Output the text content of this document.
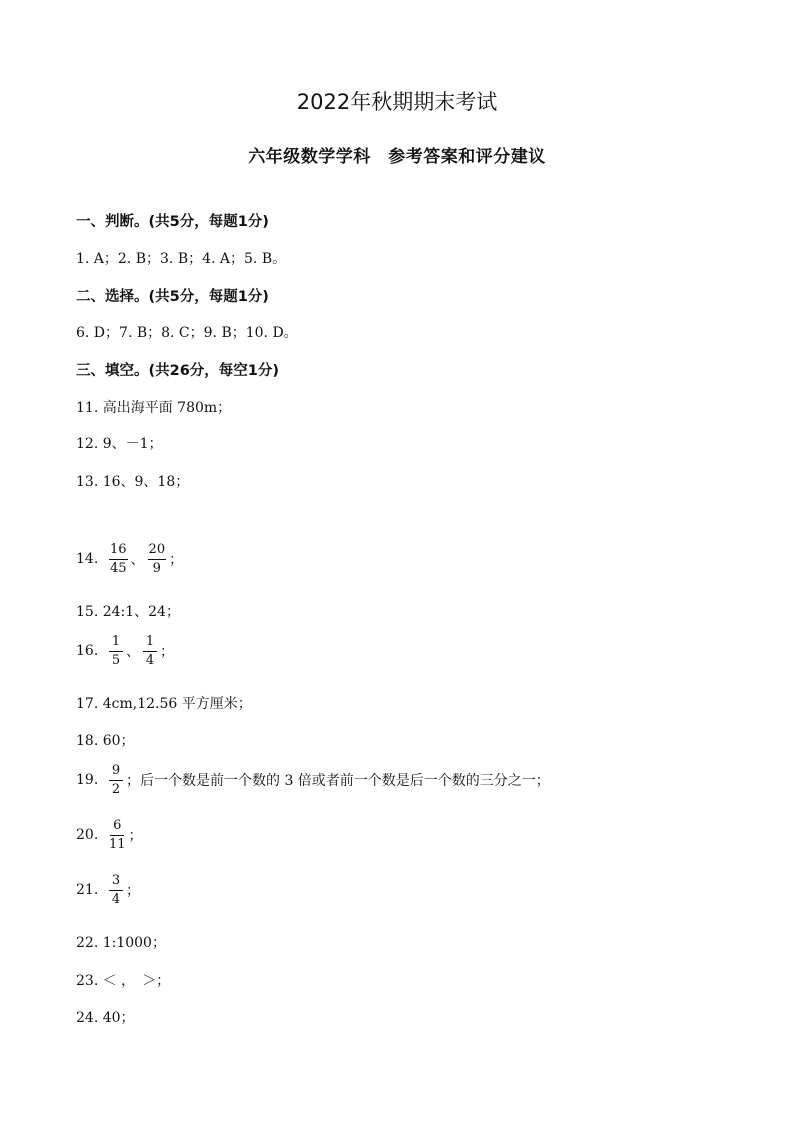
2022年秋期期末考试
六年级数学学科　参考答案和评分建议
一、判断。(共5分，每题1分)
1. A；2. B；3. B；4. A；5. B。
二、选择。(共5分，每题1分)
6. D；7. B；8. C；9. B；10. D。
三、填空。(共26分，每空1分)
11. 高出海平面 780m；
12. 9、－1；
13. 16、9、18；
14. $\frac{16}{45}$ 、 $\frac{20}{9}$ ；
15. 24:1、24；
16. $\frac{1}{5}$ 、 $\frac{1}{4}$ ；
17. 4cm,12.56 平方厘米；
18. 60；
19. $\frac{9}{2}$ ；后一个数是前一个数的 3 倍或者前一个数是后一个数的三分之一；
20. $\frac{6}{11}$ ；
21. $\frac{3}{4}$ ；
22. 1:1000；
23. ＜ ，　＞；
24. 40；
